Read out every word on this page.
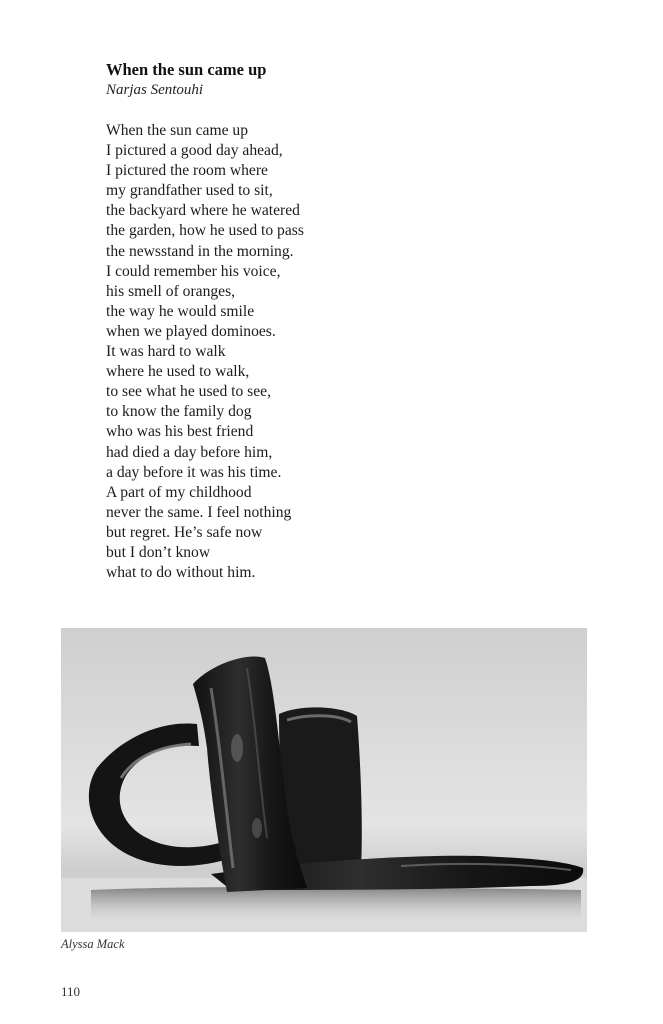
When the sun came up

Narjas Sentouhi

When the sun came up
I pictured a good day ahead,
I pictured the room where
my grandfather used to sit,
the backyard where he watered
the garden, how he used to pass
the newsstand in the morning.
I could remember his voice,
his smell of oranges,
the way he would smile
when we played dominoes.
It was hard to walk
where he used to walk,
to see what he used to see,
to know the family dog
who was his best friend
had died a day before him,
a day before it was his time.
A part of my childhood
never the same. I feel nothing
but regret. He’s safe now
but I don’t know
what to do without him.
Alyssa Mack
110
